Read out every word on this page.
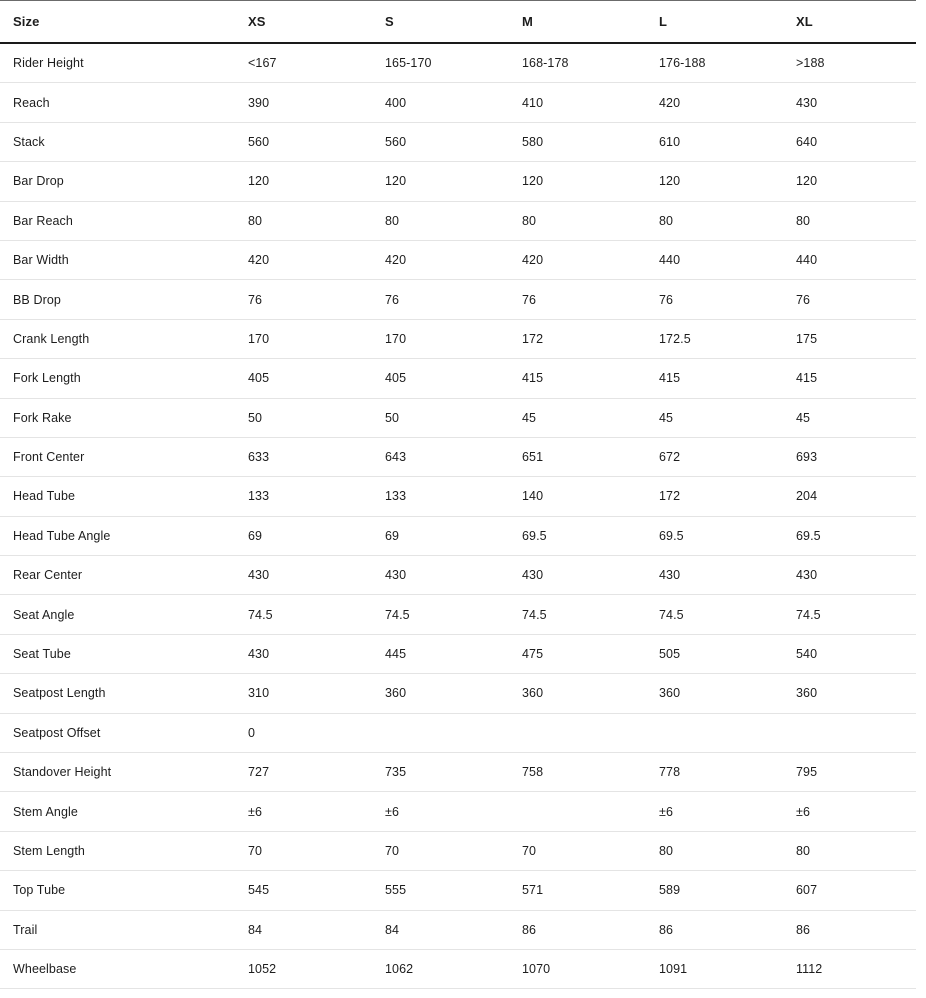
Size	XS	S	M	L	XL
Rider Height	<167	165-170	168-178	176-188	>188
Reach	390	400	410	420	430
Stack	560	560	580	610	640
Bar Drop	120	120	120	120	120
Bar Reach	80	80	80	80	80
Bar Width	420	420	420	440	440
BB Drop	76	76	76	76	76
Crank Length	170	170	172	172.5	175
Fork Length	405	405	415	415	415
Fork Rake	50	50	45	45	45
Front Center	633	643	651	672	693
Head Tube	133	133	140	172	204
Head Tube Angle	69	69	69.5	69.5	69.5
Rear Center	430	430	430	430	430
Seat Angle	74.5	74.5	74.5	74.5	74.5
Seat Tube	430	445	475	505	540
Seatpost Length	310	360	360	360	360
Seatpost Offset	0				
Standover Height	727	735	758	778	795
Stem Angle	±6	±6		±6	±6
Stem Length	70	70	70	80	80
Top Tube	545	555	571	589	607
Trail	84	84	86	86	86
Wheelbase	1052	1062	1070	1091	1112
